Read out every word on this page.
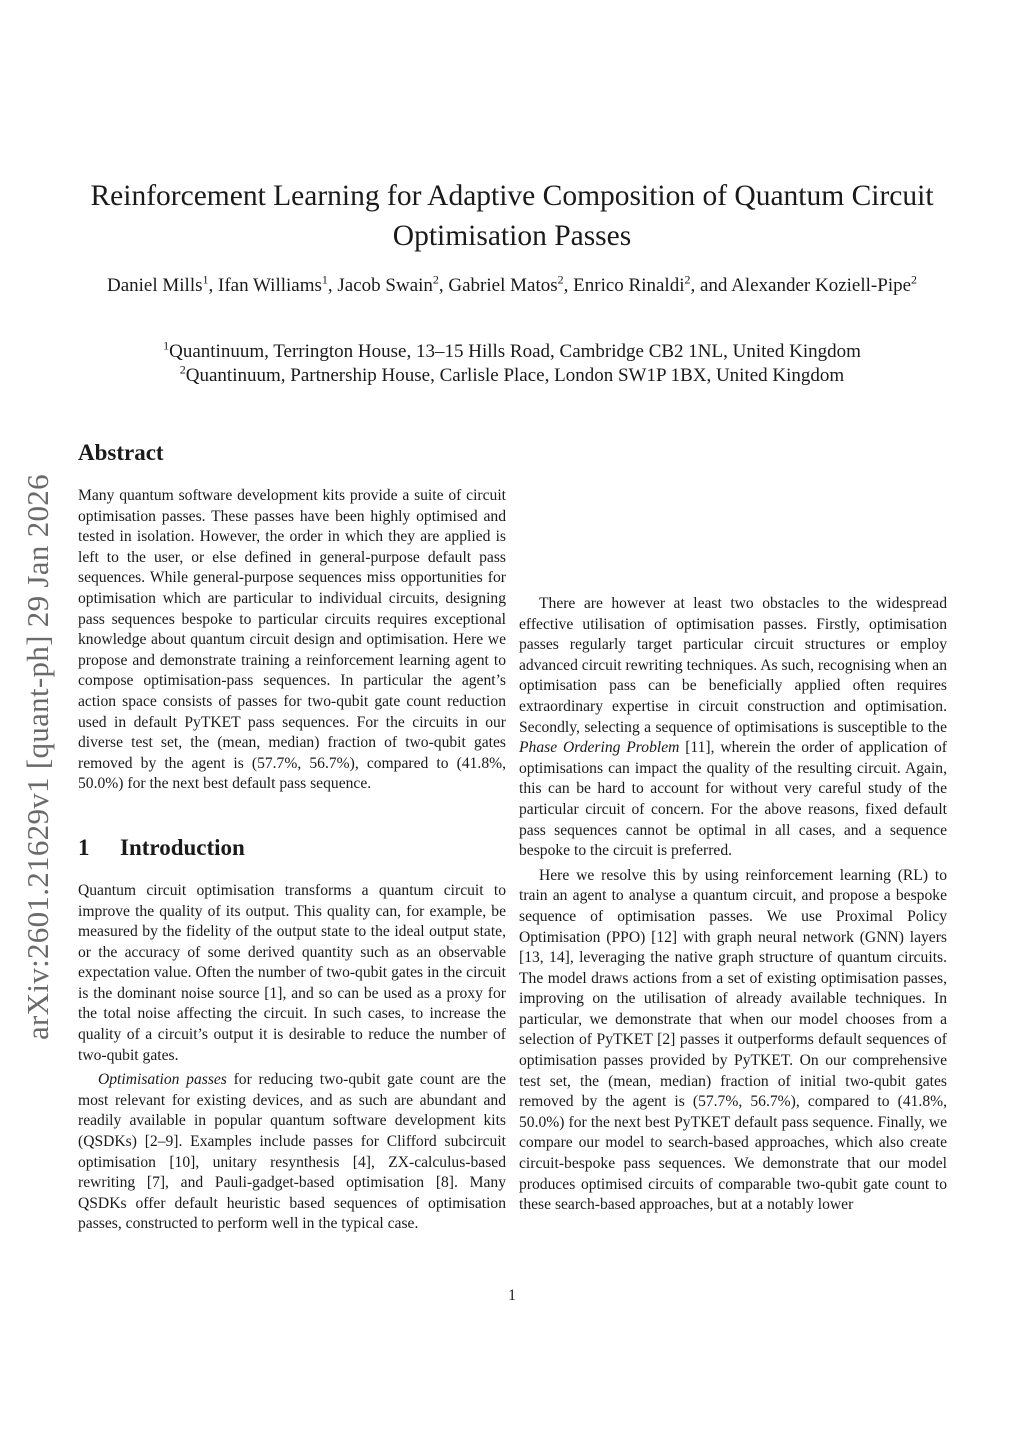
arXiv:2601.21629v1 [quant-ph] 29 Jan 2026
Reinforcement Learning for Adaptive Composition of Quantum Circuit Optimisation Passes
Daniel Mills$^1$, Ifan Williams$^1$, Jacob Swain$^2$, Gabriel Matos$^2$, Enrico Rinaldi$^2$, and Alexander Koziell-Pipe$^2$
$^1$Quantinuum, Terrington House, 13–15 Hills Road, Cambridge CB2 1NL, United Kingdom
$^2$Quantinuum, Partnership House, Carlisle Place, London SW1P 1BX, United Kingdom
Abstract

Many quantum software development kits provide a suite of circuit optimisation passes. These passes have been highly optimised and tested in isolation. However, the order in which they are applied is left to the user, or else defined in general-purpose default pass sequences. While general-purpose sequences miss opportunities for optimisation which are particular to individual circuits, designing pass sequences bespoke to particular circuits requires exceptional knowledge about quantum circuit design and optimisation. Here we propose and demonstrate training a reinforcement learning agent to compose optimisation-pass sequences. In particular the agent’s action space consists of passes for two-qubit gate count reduction used in default PyTKET pass sequences. For the circuits in our diverse test set, the (mean, median) fraction of two-qubit gates removed by the agent is (57.7%, 56.7%), compared to (41.8%, 50.0%) for the next best default pass sequence.

1 Introduction

Quantum circuit optimisation transforms a quantum circuit to improve the quality of its output. This quality can, for example, be measured by the fidelity of the output state to the ideal output state, or the accuracy of some derived quantity such as an observable expectation value. Often the number of two-qubit gates in the circuit is the dominant noise source [1], and so can be used as a proxy for the total noise affecting the circuit. In such cases, to increase the quality of a circuit’s output it is desirable to reduce the number of two-qubit gates.

Optimisation passes for reducing two-qubit gate count are the most relevant for existing devices, and as such are abundant and readily available in popular quantum software development kits (QSDKs) [2–9]. Examples include passes for Clifford subcircuit optimisation [10], unitary resynthesis [4], ZX-calculus-based rewriting [7], and Pauli-gadget-based optimisation [8]. Many QSDKs offer default heuristic based sequences of optimisation passes, constructed to perform well in the typical case.

There are however at least two obstacles to the widespread effective utilisation of optimisation passes. Firstly, optimisation passes regularly target particular circuit structures or employ advanced circuit rewriting techniques. As such, recognising when an optimisation pass can be beneficially applied often requires extraordinary expertise in circuit construction and optimisation. Secondly, selecting a sequence of optimisations is susceptible to the Phase Ordering Problem [11], wherein the order of application of optimisations can impact the quality of the resulting circuit. Again, this can be hard to account for without very careful study of the particular circuit of concern. For the above reasons, fixed default pass sequences cannot be optimal in all cases, and a sequence bespoke to the circuit is preferred.

Here we resolve this by using reinforcement learning (RL) to train an agent to analyse a quantum circuit, and propose a bespoke sequence of optimisation passes. We use Proximal Policy Optimisation (PPO) [12] with graph neural network (GNN) layers [13, 14], leveraging the native graph structure of quantum circuits. The model draws actions from a set of existing optimisation passes, improving on the utilisation of already available techniques. In particular, we demonstrate that when our model chooses from a selection of PyTKET [2] passes it outperforms default sequences of optimisation passes provided by PyTKET. On our comprehensive test set, the (mean, median) fraction of initial two-qubit gates removed by the agent is (57.7%, 56.7%), compared to (41.8%, 50.0%) for the next best PyTKET default pass sequence. Finally, we compare our model to search-based approaches, which also create circuit-bespoke pass sequences. We demonstrate that our model produces optimised circuits of comparable two-qubit gate count to these search-based approaches, but at a notably lower

1
